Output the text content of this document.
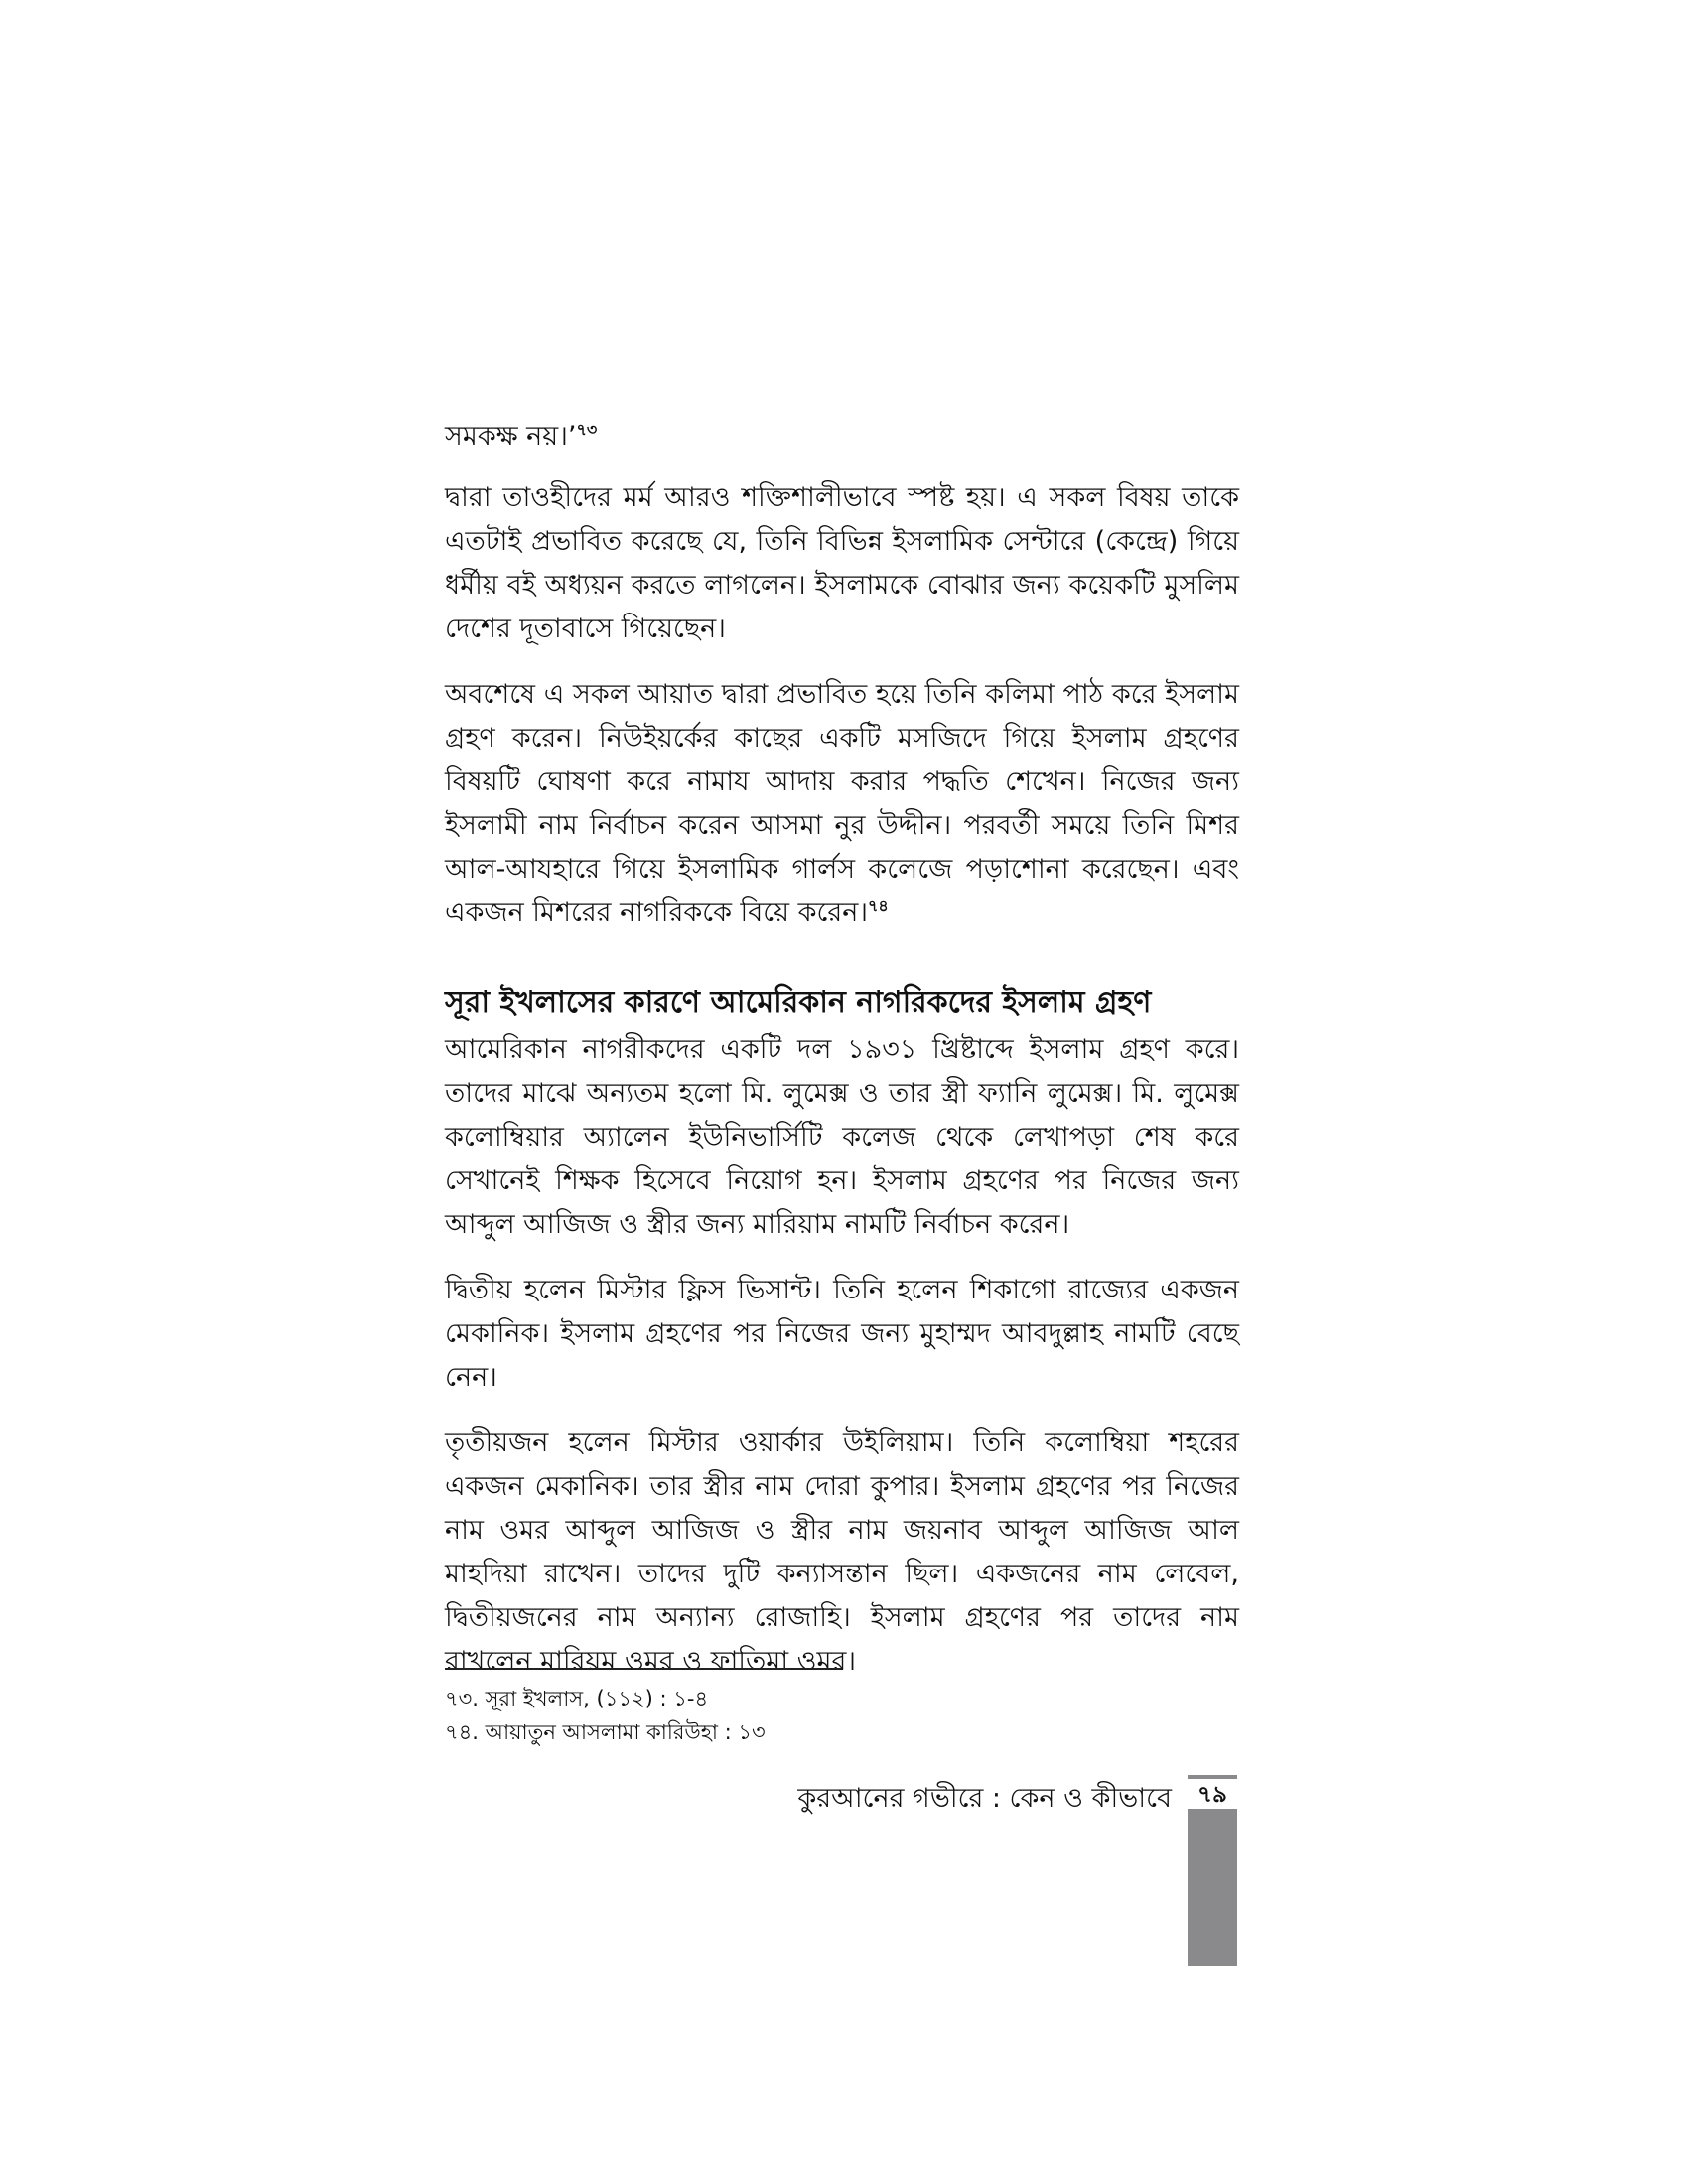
সমকক্ষ নয়।’$^{৭৩}$

দ্বারা তাওহীদের মর্ম আরও শক্তিশালীভাবে স্পষ্ট হয়। এ সকল বিষয় তাকে এতটাই প্রভাবিত করেছে যে, তিনি বিভিন্ন ইসলামিক সেন্টারে (কেন্দ্রে) গিয়ে ধর্মীয় বই অধ্যয়ন করতে লাগলেন। ইসলামকে বোঝার জন্য কয়েকটি মুসলিম দেশের দূতাবাসে গিয়েছেন।

অবশেষে এ সকল আয়াত দ্বারা প্রভাবিত হয়ে তিনি কলিমা পাঠ করে ইসলাম গ্রহণ করেন। নিউইয়র্কের কাছের একটি মসজিদে গিয়ে ইসলাম গ্রহণের বিষয়টি ঘোষণা করে নামায আদায় করার পদ্ধতি শেখেন। নিজের জন্য ইসলামী নাম নির্বাচন করেন আসমা নুর উদ্দীন। পরবর্তী সময়ে তিনি মিশর আল-আযহারে গিয়ে ইসলামিক গার্লস কলেজে পড়াশোনা করেছেন। এবং একজন মিশরের নাগরিককে বিয়ে করেন।$^{৭৪}$

সূরা ইখলাসের কারণে আমেরিকান নাগরিকদের ইসলাম গ্রহণ

আমেরিকান নাগরীকদের একটি দল ১৯৩১ খ্রিষ্টাব্দে ইসলাম গ্রহণ করে। তাদের মাঝে অন্যতম হলো মি. লুমেক্স ও তার স্ত্রী ফ্যানি লুমেক্স। মি. লুমেক্স কলোম্বিয়ার অ্যালেন ইউনিভার্সিটি কলেজ থেকে লেখাপড়া শেষ করে সেখানেই শিক্ষক হিসেবে নিয়োগ হন। ইসলাম গ্রহণের পর নিজের জন্য আব্দুল আজিজ ও স্ত্রীর জন্য মারিয়াম নামটি নির্বাচন করেন।

দ্বিতীয় হলেন মিস্টার ফ্লিস ভিসান্ট। তিনি হলেন শিকাগো রাজ্যের একজন মেকানিক। ইসলাম গ্রহণের পর নিজের জন্য মুহাম্মদ আবদুল্লাহ নামটি বেছে নেন।

তৃতীয়জন হলেন মিস্টার ওয়ার্কার উইলিয়াম। তিনি কলোম্বিয়া শহরের একজন মেকানিক। তার স্ত্রীর নাম দোরা কুপার। ইসলাম গ্রহণের পর নিজের নাম ওমর আব্দুল আজিজ ও স্ত্রীর নাম জয়নাব আব্দুল আজিজ আল মাহদিয়া রাখেন। তাদের দুটি কন্যাসন্তান ছিল। একজনের নাম লেবেল, দ্বিতীয়জনের নাম অন্যান্য রোজাহি। ইসলাম গ্রহণের পর তাদের নাম রাখলেন মারিয়ম ওমর ও ফাতিমা ওমর।

৭৩. সূরা ইখলাস, (১১২) : ১-৪

৭৪. আয়াতুন আসলামা কারিউহা : ১৩

কুরআনের গভীরে : কেন ও কীভাবে	৭৯
